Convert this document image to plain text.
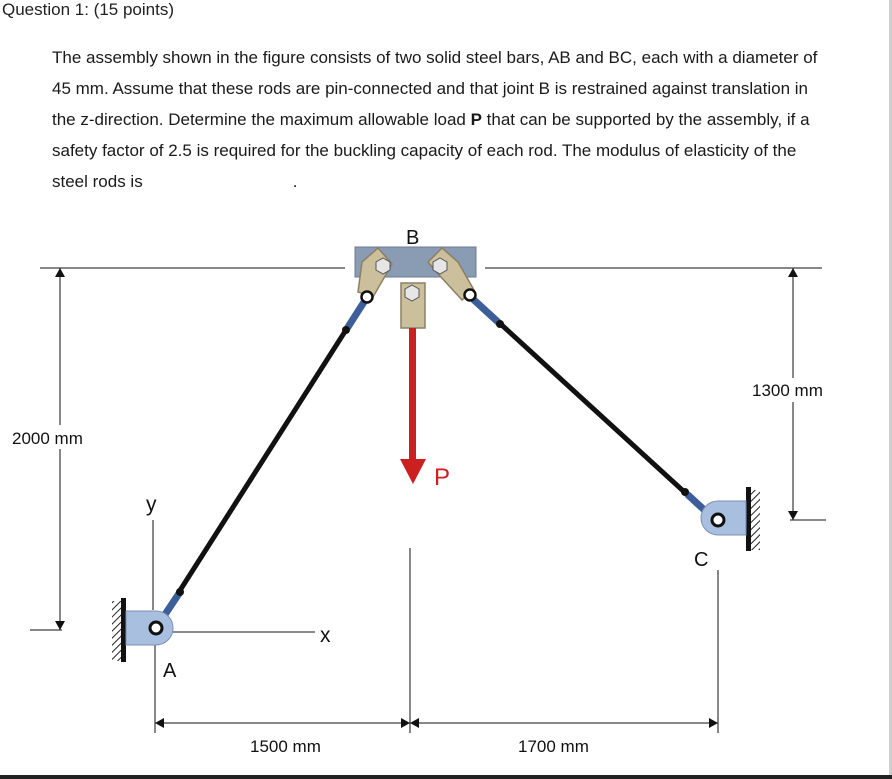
Question 1: (15 points)
The assembly shown in the figure consists of two solid steel bars, AB and BC, each with a diameter of 45 mm. Assume that these rods are pin-connected and that joint B is restrained against translation in the z-direction. Determine the maximum allowable load P that can be supported by the assembly, if a safety factor of 2.5 is required for the buckling capacity of each rod. The modulus of elasticity of the steel rods is	.
2000 mm
1300 mm
1500 mm	1700 mm
B
P
A
C
x
y
